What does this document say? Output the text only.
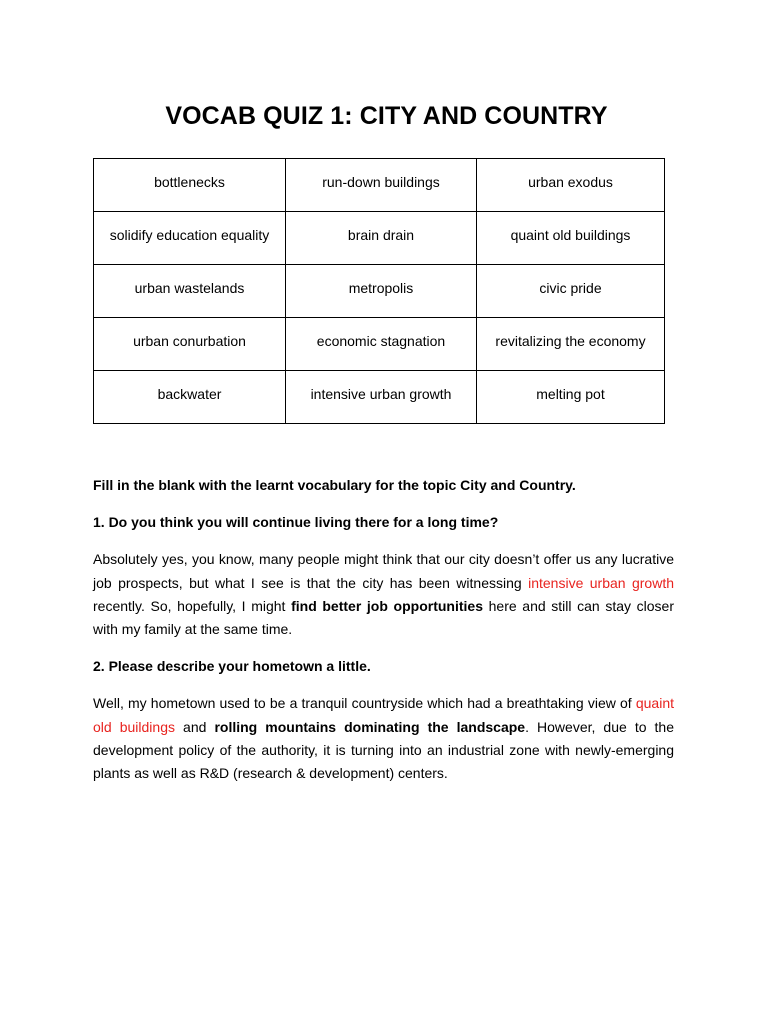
VOCAB QUIZ 1: CITY AND COUNTRY
bottlenecks	run-down buildings	urban exodus
solidify education equality	brain drain	quaint old buildings
urban wastelands	metropolis	civic pride
urban conurbation	economic stagnation	revitalizing the economy
backwater	intensive urban growth	melting pot

Fill in the blank with the learnt vocabulary for the topic City and Country.

1. Do you think you will continue living there for a long time?

Absolutely yes, you know, many people might think that our city doesn’t offer us any lucrative job prospects, but what I see is that the city has been witnessing intensive urban growth recently. So, hopefully, I might find better job opportunities here and still can stay closer with my family at the same time.

2. Please describe your hometown a little.

Well, my hometown used to be a tranquil countryside which had a breathtaking view of quaint old buildings and rolling mountains dominating the landscape. However, due to the development policy of the authority, it is turning into an industrial zone with newly-emerging plants as well as R&D (research & development) centers.
